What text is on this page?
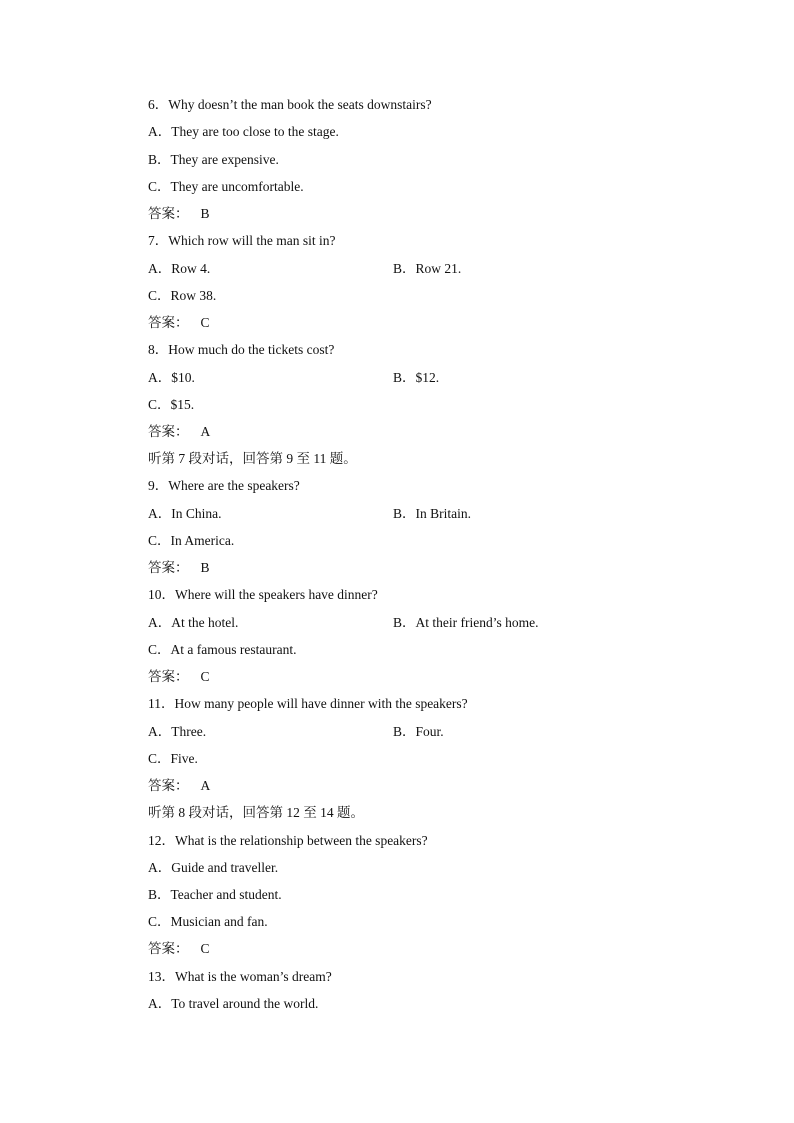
6．Why doesn’t the man book the seats downstairs?
A．They are too close to the stage.
B．They are expensive.
C．They are uncomfortable.
答案： B
7．Which row will the man sit in?
A．Row 4.	B．Row 21.
C．Row 38.
答案： C
8．How much do the tickets cost?
A．$10.	B．$12.
C．$15.
答案： A
听第 7 段对话，回答第 9 至 11 题。
9．Where are the speakers?
A．In China.	B．In Britain.
C．In America.
答案： B
10．Where will the speakers have dinner?
A．At the hotel.	B．At their friend’s home.
C．At a famous restaurant.
答案： C
11．How many people will have dinner with the speakers?
A．Three.	B．Four.
C．Five.
答案： A
听第 8 段对话，回答第 12 至 14 题。
12．What is the relationship between the speakers?
A．Guide and traveller.
B．Teacher and student.
C．Musician and fan.
答案： C
13．What is the woman’s dream?
A．To travel around the world.
